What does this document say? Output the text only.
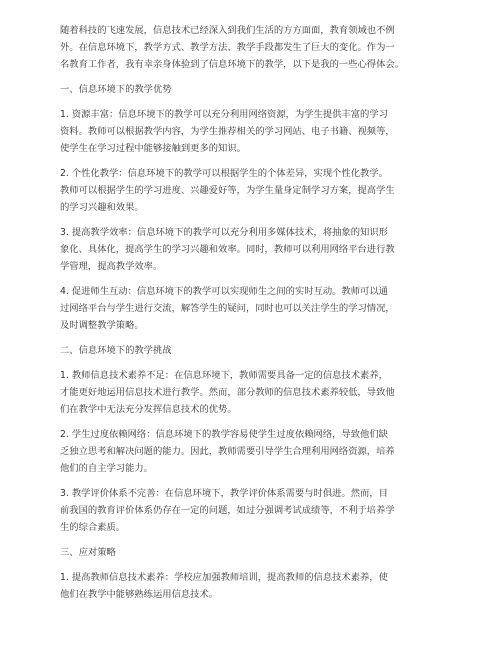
随着科技的飞速发展，信息技术已经深入到我们生活的方方面面，教育领域也不例
外。在信息环境下，教学方式、教学方法、教学手段都发生了巨大的变化。作为一
名教育工作者，我有幸亲身体验到了信息环境下的教学，以下是我的一些心得体会。

一、信息环境下的教学优势

1. 资源丰富：信息环境下的教学可以充分利用网络资源，为学生提供丰富的学习
资料。教师可以根据教学内容，为学生推荐相关的学习网站、电子书籍、视频等，
使学生在学习过程中能够接触到更多的知识。

2. 个性化教学：信息环境下的教学可以根据学生的个体差异，实现个性化教学。
教师可以根据学生的学习进度、兴趣爱好等，为学生量身定制学习方案，提高学生
的学习兴趣和效果。

3. 提高教学效率：信息环境下的教学可以充分利用多媒体技术，将抽象的知识形
象化、具体化，提高学生的学习兴趣和效率。同时，教师可以利用网络平台进行教
学管理，提高教学效率。

4. 促进师生互动：信息环境下的教学可以实现师生之间的实时互动。教师可以通
过网络平台与学生进行交流，解答学生的疑问，同时也可以关注学生的学习情况，
及时调整教学策略。

二、信息环境下的教学挑战

1. 教师信息技术素养不足：在信息环境下，教师需要具备一定的信息技术素养，
才能更好地运用信息技术进行教学。然而，部分教师的信息技术素养较低，导致他
们在教学中无法充分发挥信息技术的优势。

2. 学生过度依赖网络：信息环境下的教学容易使学生过度依赖网络，导致他们缺
乏独立思考和解决问题的能力。因此，教师需要引导学生合理利用网络资源，培养
他们的自主学习能力。

3. 教学评价体系不完善：在信息环境下，教学评价体系需要与时俱进。然而，目
前我国的教育评价体系仍存在一定的问题，如过分强调考试成绩等，不利于培养学
生的综合素质。

三、应对策略

1. 提高教师信息技术素养：学校应加强教师培训，提高教师的信息技术素养，使
他们在教学中能够熟练运用信息技术。
